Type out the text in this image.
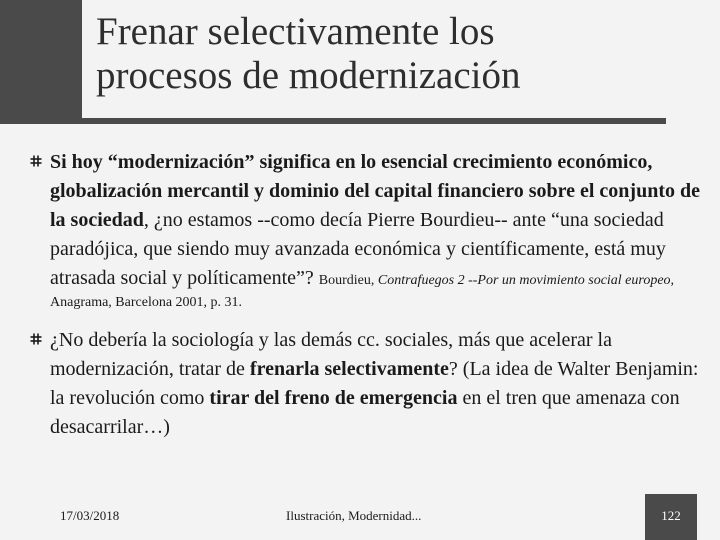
Frenar selectivamente los
procesos de modernización
Si hoy “modernización” significa en lo esencial crecimiento económico, globalización mercantil y dominio del capital financiero sobre el conjunto de la sociedad, ¿no estamos --como decía Pierre Bourdieu-- ante “una sociedad paradójica, que siendo muy avanzada económica y científicamente, está muy atrasada social y políticamente”? Bourdieu, Contrafuegos 2 --Por un movimiento social europeo,
Anagrama, Barcelona 2001, p. 31.
¿No debería la sociología y las demás cc. sociales, más que acelerar la modernización, tratar de frenarla selectivamente? (La idea de Walter Benjamin: la revolución como tirar del freno de emergencia en el tren que amenaza con desacarrilar…)
17/03/2018	Ilustración, Modernidad...	122
